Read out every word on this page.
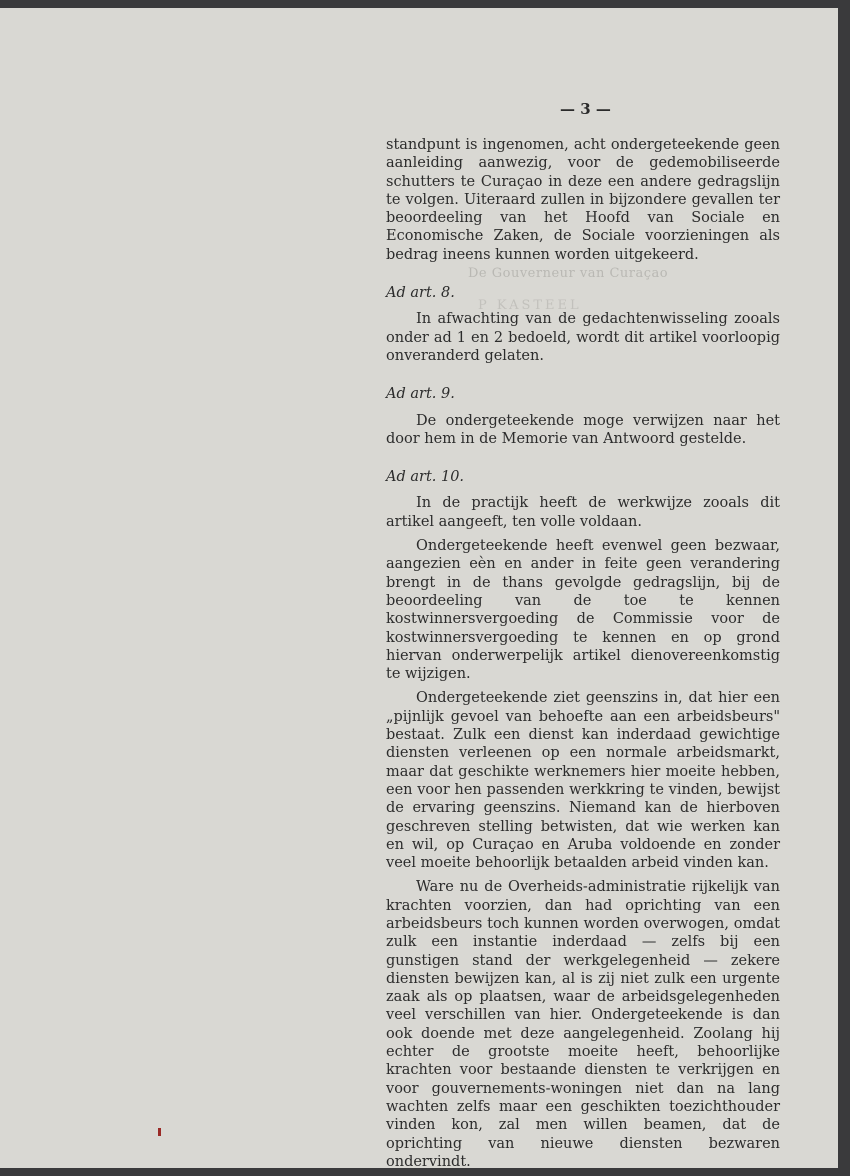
— 3 —
De Gouverneur van Curaçao
P KASTEEL

standpunt is ingenomen, acht ondergeteekende geen aanleiding aanwezig, voor de gedemobiliseerde schutters te Curaçao in deze een andere gedragslijn te volgen. Uiteraard zullen in bijzondere gevallen ter beoordeeling van het Hoofd van Sociale en Economische Zaken, de Sociale voorzieningen als bedrag ineens kunnen worden uitgekeerd.

Ad art. 8.

In afwachting van de gedachtenwisseling zooals onder ad 1 en 2 bedoeld, wordt dit artikel voorloopig onveranderd gelaten.

Ad art. 9.

De ondergeteekende moge verwijzen naar het door hem in de Memorie van Antwoord gestelde.

Ad art. 10.

In de practijk heeft de werkwijze zooals dit artikel aangeeft, ten volle voldaan.

Ondergeteekende heeft evenwel geen bezwaar, aangezien eèn en ander in feite geen verandering brengt in de thans gevolgde gedragslijn, bij de beoordeeling van de toe te kennen kostwinnersvergoeding de Commissie voor de kostwinnersvergoeding te kennen en op grond hiervan onderwerpelijk artikel dienovereenkomstig te wijzigen.

Ondergeteekende ziet geenszins in, dat hier een „pijnlijk gevoel van behoefte aan een arbeidsbeurs" bestaat. Zulk een dienst kan inderdaad gewichtige diensten verleenen op een normale arbeidsmarkt, maar dat geschikte werknemers hier moeite hebben, een voor hen passenden werkkring te vinden, bewijst de ervaring geenszins. Niemand kan de hierboven geschreven stelling betwisten, dat wie werken kan en wil, op Curaçao en Aruba voldoende en zonder veel moeite behoorlijk betaalden arbeid vinden kan.

Ware nu de Overheids-administratie rijkelijk van krachten voorzien, dan had oprichting van een arbeidsbeurs toch kunnen worden overwogen, omdat zulk een instantie inderdaad — zelfs bij een gunstigen stand der werkgelegenheid — zekere diensten bewijzen kan, al is zij niet zulk een urgente zaak als op plaatsen, waar de arbeidsgelegenheden veel verschillen van hier. Ondergeteekende is dan ook doende met deze aangelegenheid. Zoolang hij echter de grootste moeite heeft, behoorlijke krachten voor bestaande diensten te verkrijgen en voor gouvernements-woningen niet dan na lang wachten zelfs maar een geschikten toezichthouder vinden kon, zal men willen beamen, dat de oprichting van nieuwe diensten bezwaren ondervindt.
